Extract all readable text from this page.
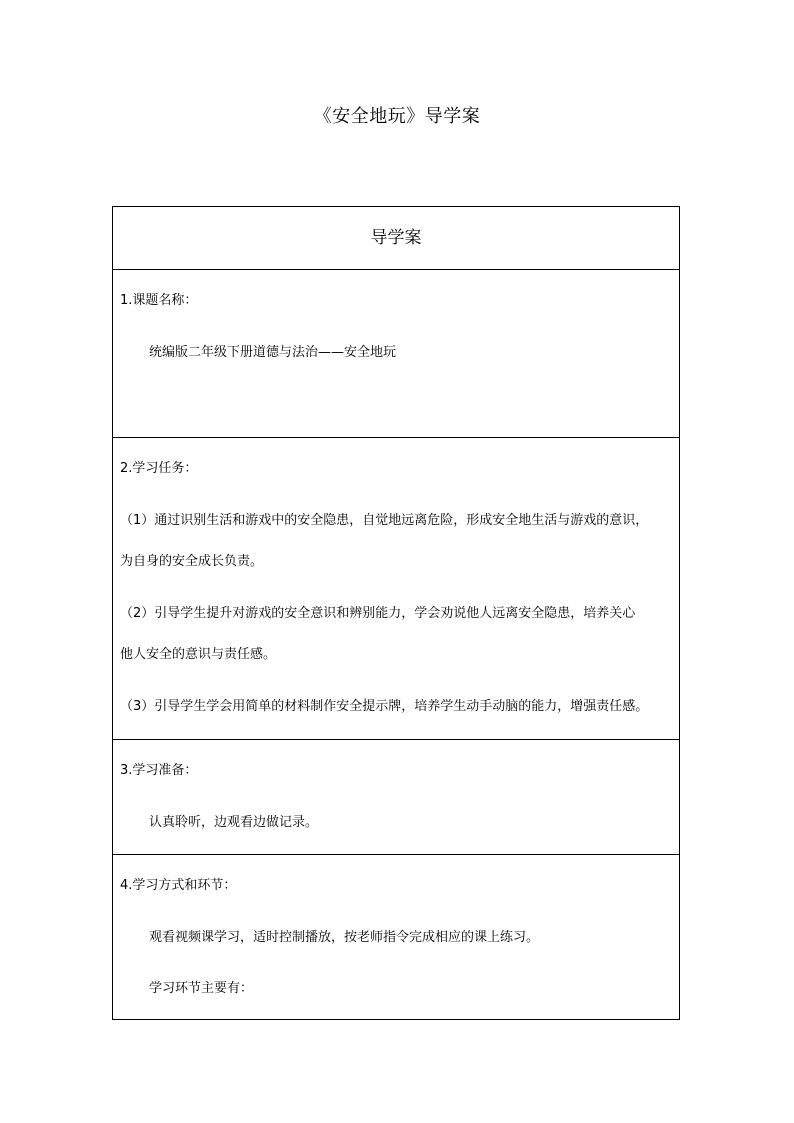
《安全地玩》导学案
导学案
1.课题名称：
统编版二年级下册道德与法治——安全地玩
2.学习任务：
（1）通过识别生活和游戏中的安全隐患，自觉地远离危险，形成安全地生活与游戏的意识，
为自身的安全成长负责。
（2）引导学生提升对游戏的安全意识和辨别能力，学会劝说他人远离安全隐患，培养关心
他人安全的意识与责任感。
（3）引导学生学会用简单的材料制作安全提示牌，培养学生动手动脑的能力，增强责任感。
3.学习准备：
认真聆听，边观看边做记录。
4.学习方式和环节：
观看视频课学习，适时控制播放，按老师指令完成相应的课上练习。
学习环节主要有：
